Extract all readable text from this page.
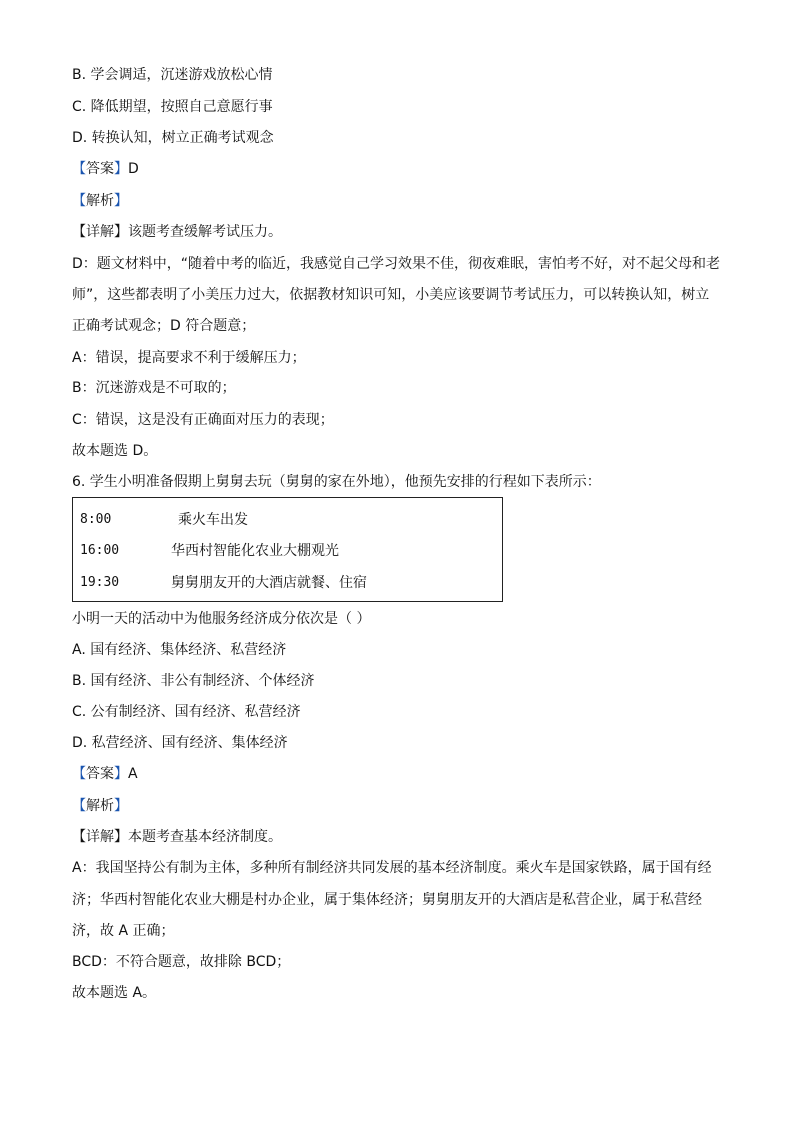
B. 学会调适，沉迷游戏放松心情
C. 降低期望，按照自己意愿行事
D. 转换认知，树立正确考试观念
【答案】D
【解析】
【详解】该题考查缓解考试压力。
D：题文材料中，“随着中考的临近，我感觉自己学习效果不佳，彻夜难眠，害怕考不好，对不起父母和老
师”，这些都表明了小美压力过大，依据教材知识可知，小美应该要调节考试压力，可以转换认知，树立
正确考试观念；D 符合题意；
A：错误，提高要求不利于缓解压力；
B：沉迷游戏是不可取的；
C：错误，这是没有正确面对压力的表现；
故本题选 D。
6. 学生小明准备假期上舅舅去玩（舅舅的家在外地），他预先安排的行程如下表所示：
8:00	乘火车出发
16:00	华西村智能化农业大棚观光
19:30	舅舅朋友开的大酒店就餐、住宿
小明一天的活动中为他服务经济成分依次是（ ）
A. 国有经济、集体经济、私营经济
B. 国有经济、非公有制经济、个体经济
C. 公有制经济、国有经济、私营经济
D. 私营经济、国有经济、集体经济
【答案】A
【解析】
【详解】本题考查基本经济制度。
A：我国坚持公有制为主体，多种所有制经济共同发展的基本经济制度。乘火车是国家铁路，属于国有经
济；华西村智能化农业大棚是村办企业，属于集体经济；舅舅朋友开的大酒店是私营企业，属于私营经
济，故 A 正确；
BCD：不符合题意，故排除 BCD；
故本题选 A。
